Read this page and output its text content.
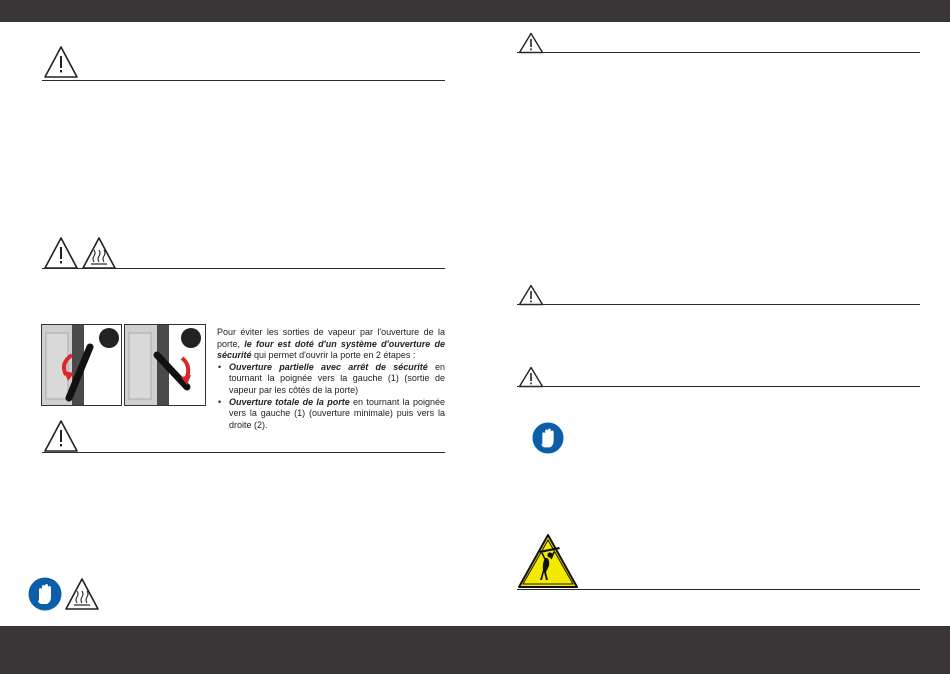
Pour éviter les sorties de vapeur par l'ouverture de la porte, le four est doté d'un système d'ouverture de sécurité qui permet d'ouvrir la porte en 2 étapes :

• Ouverture partielle avec arrêt de sécurité en tournant la poignée vers la gauche (1) (sortie de vapeur par les côtés de la porte)
• Ouverture totale de la porte en tournant la poignée vers la gauche (1) (ouverture minimale) puis vers la droite (2).
